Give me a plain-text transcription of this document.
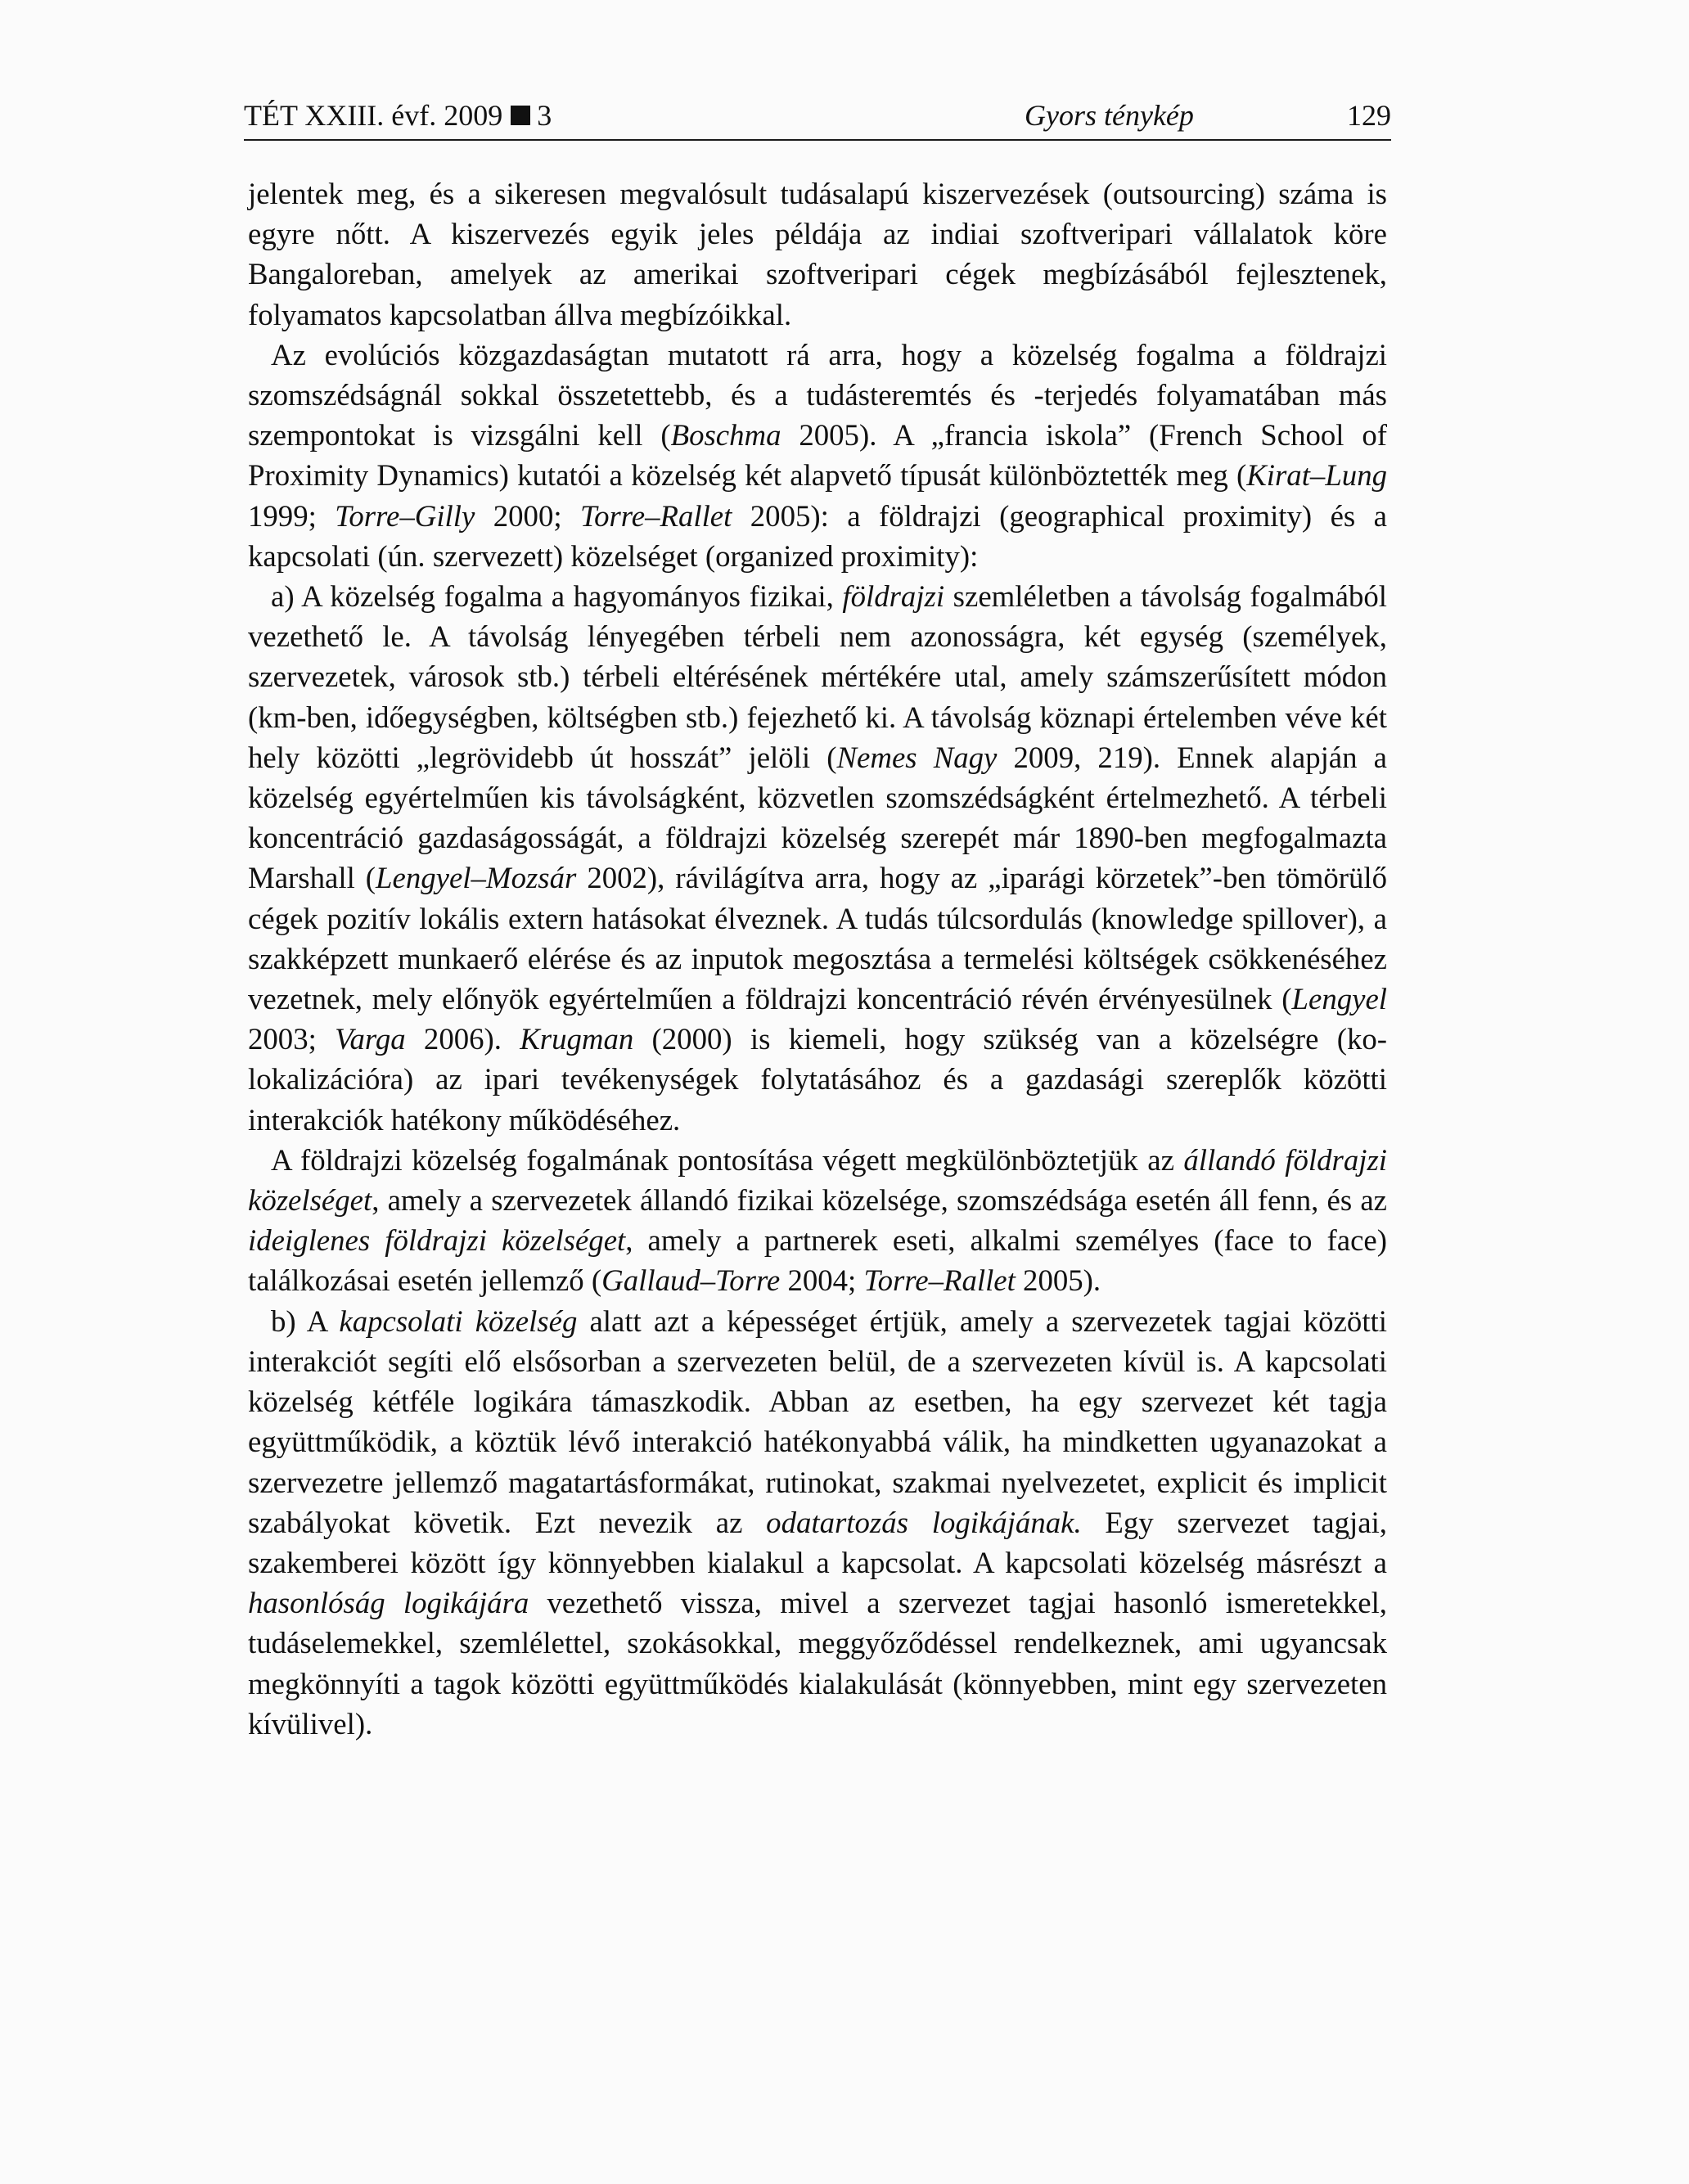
TÉT XXIII. évf. 2009 3	Gyors ténykép	129

jelentek meg, és a sikeresen megvalósult tudásalapú kiszervezések (outsourcing) száma is egyre nőtt. A kiszervezés egyik jeles példája az indiai szoftveripari vállalatok köre Bangaloreban, amelyek az amerikai szoftveripari cégek megbízásából fejlesztenek, folyamatos kapcsolatban állva megbízóikkal.

Az evolúciós közgazdaságtan mutatott rá arra, hogy a közelség fogalma a földrajzi szomszédságnál sokkal összetettebb, és a tudásteremtés és -terjedés folyamatában más szempontokat is vizsgálni kell (Boschma 2005). A „francia iskola” (French School of Proximity Dynamics) kutatói a közelség két alapvető típusát különböztették meg (Kirat–Lung 1999; Torre–Gilly 2000; Torre–Rallet 2005): a földrajzi (geographical proximity) és a kapcsolati (ún. szervezett) közelséget (organized proximity):

a) A közelség fogalma a hagyományos fizikai, földrajzi szemléletben a távolság fogalmából vezethető le. A távolság lényegében térbeli nem azonosságra, két egység (személyek, szervezetek, városok stb.) térbeli eltérésének mértékére utal, amely számszerűsített módon (km-ben, időegységben, költségben stb.) fejezhető ki. A távolság köznapi értelemben véve két hely közötti „legrövidebb út hosszát” jelöli (Nemes Nagy 2009, 219). Ennek alapján a közelség egyértelműen kis távolságként, közvetlen szomszédságként értelmezhető. A térbeli koncentráció gazdaságosságát, a földrajzi közelség szerepét már 1890-ben megfogalmazta Marshall (Lengyel–Mozsár 2002), rávilágítva arra, hogy az „iparági körzetek”-ben tömörülő cégek pozitív lokális extern hatásokat élveznek. A tudás túlcsordulás (knowledge spillover), a szakképzett munkaerő elérése és az inputok megosztása a termelési költségek csökkenéséhez vezetnek, mely előnyök egyértelműen a földrajzi koncentráció révén érvényesülnek (Lengyel 2003; Varga 2006). Krugman (2000) is kiemeli, hogy szükség van a közelségre (ko-lokalizációra) az ipari tevékenységek folytatásához és a gazdasági szereplők közötti interakciók hatékony működéséhez.

A földrajzi közelség fogalmának pontosítása végett megkülönböztetjük az állandó földrajzi közelséget, amely a szervezetek állandó fizikai közelsége, szomszédsága esetén áll fenn, és az ideiglenes földrajzi közelséget, amely a partnerek eseti, alkalmi személyes (face to face) találkozásai esetén jellemző (Gallaud–Torre 2004; Torre–Rallet 2005).

b) A kapcsolati közelség alatt azt a képességet értjük, amely a szervezetek tagjai közötti interakciót segíti elő elsősorban a szervezeten belül, de a szervezeten kívül is. A kapcsolati közelség kétféle logikára támaszkodik. Abban az esetben, ha egy szervezet két tagja együttműködik, a köztük lévő interakció hatékonyabbá válik, ha mindketten ugyanazokat a szervezetre jellemző magatartásformákat, rutinokat, szakmai nyelvezetet, explicit és implicit szabályokat követik. Ezt nevezik az odatartozás logikájának. Egy szervezet tagjai, szakemberei között így könnyebben kialakul a kapcsolat. A kapcsolati közelség másrészt a hasonlóság logikájára vezethető vissza, mivel a szervezet tagjai hasonló ismeretekkel, tudáselemekkel, szemlélettel, szokásokkal, meggyőződéssel rendelkeznek, ami ugyancsak megkönnyíti a tagok közötti együttműködés kialakulását (könnyebben, mint egy szervezeten kívülivel).
